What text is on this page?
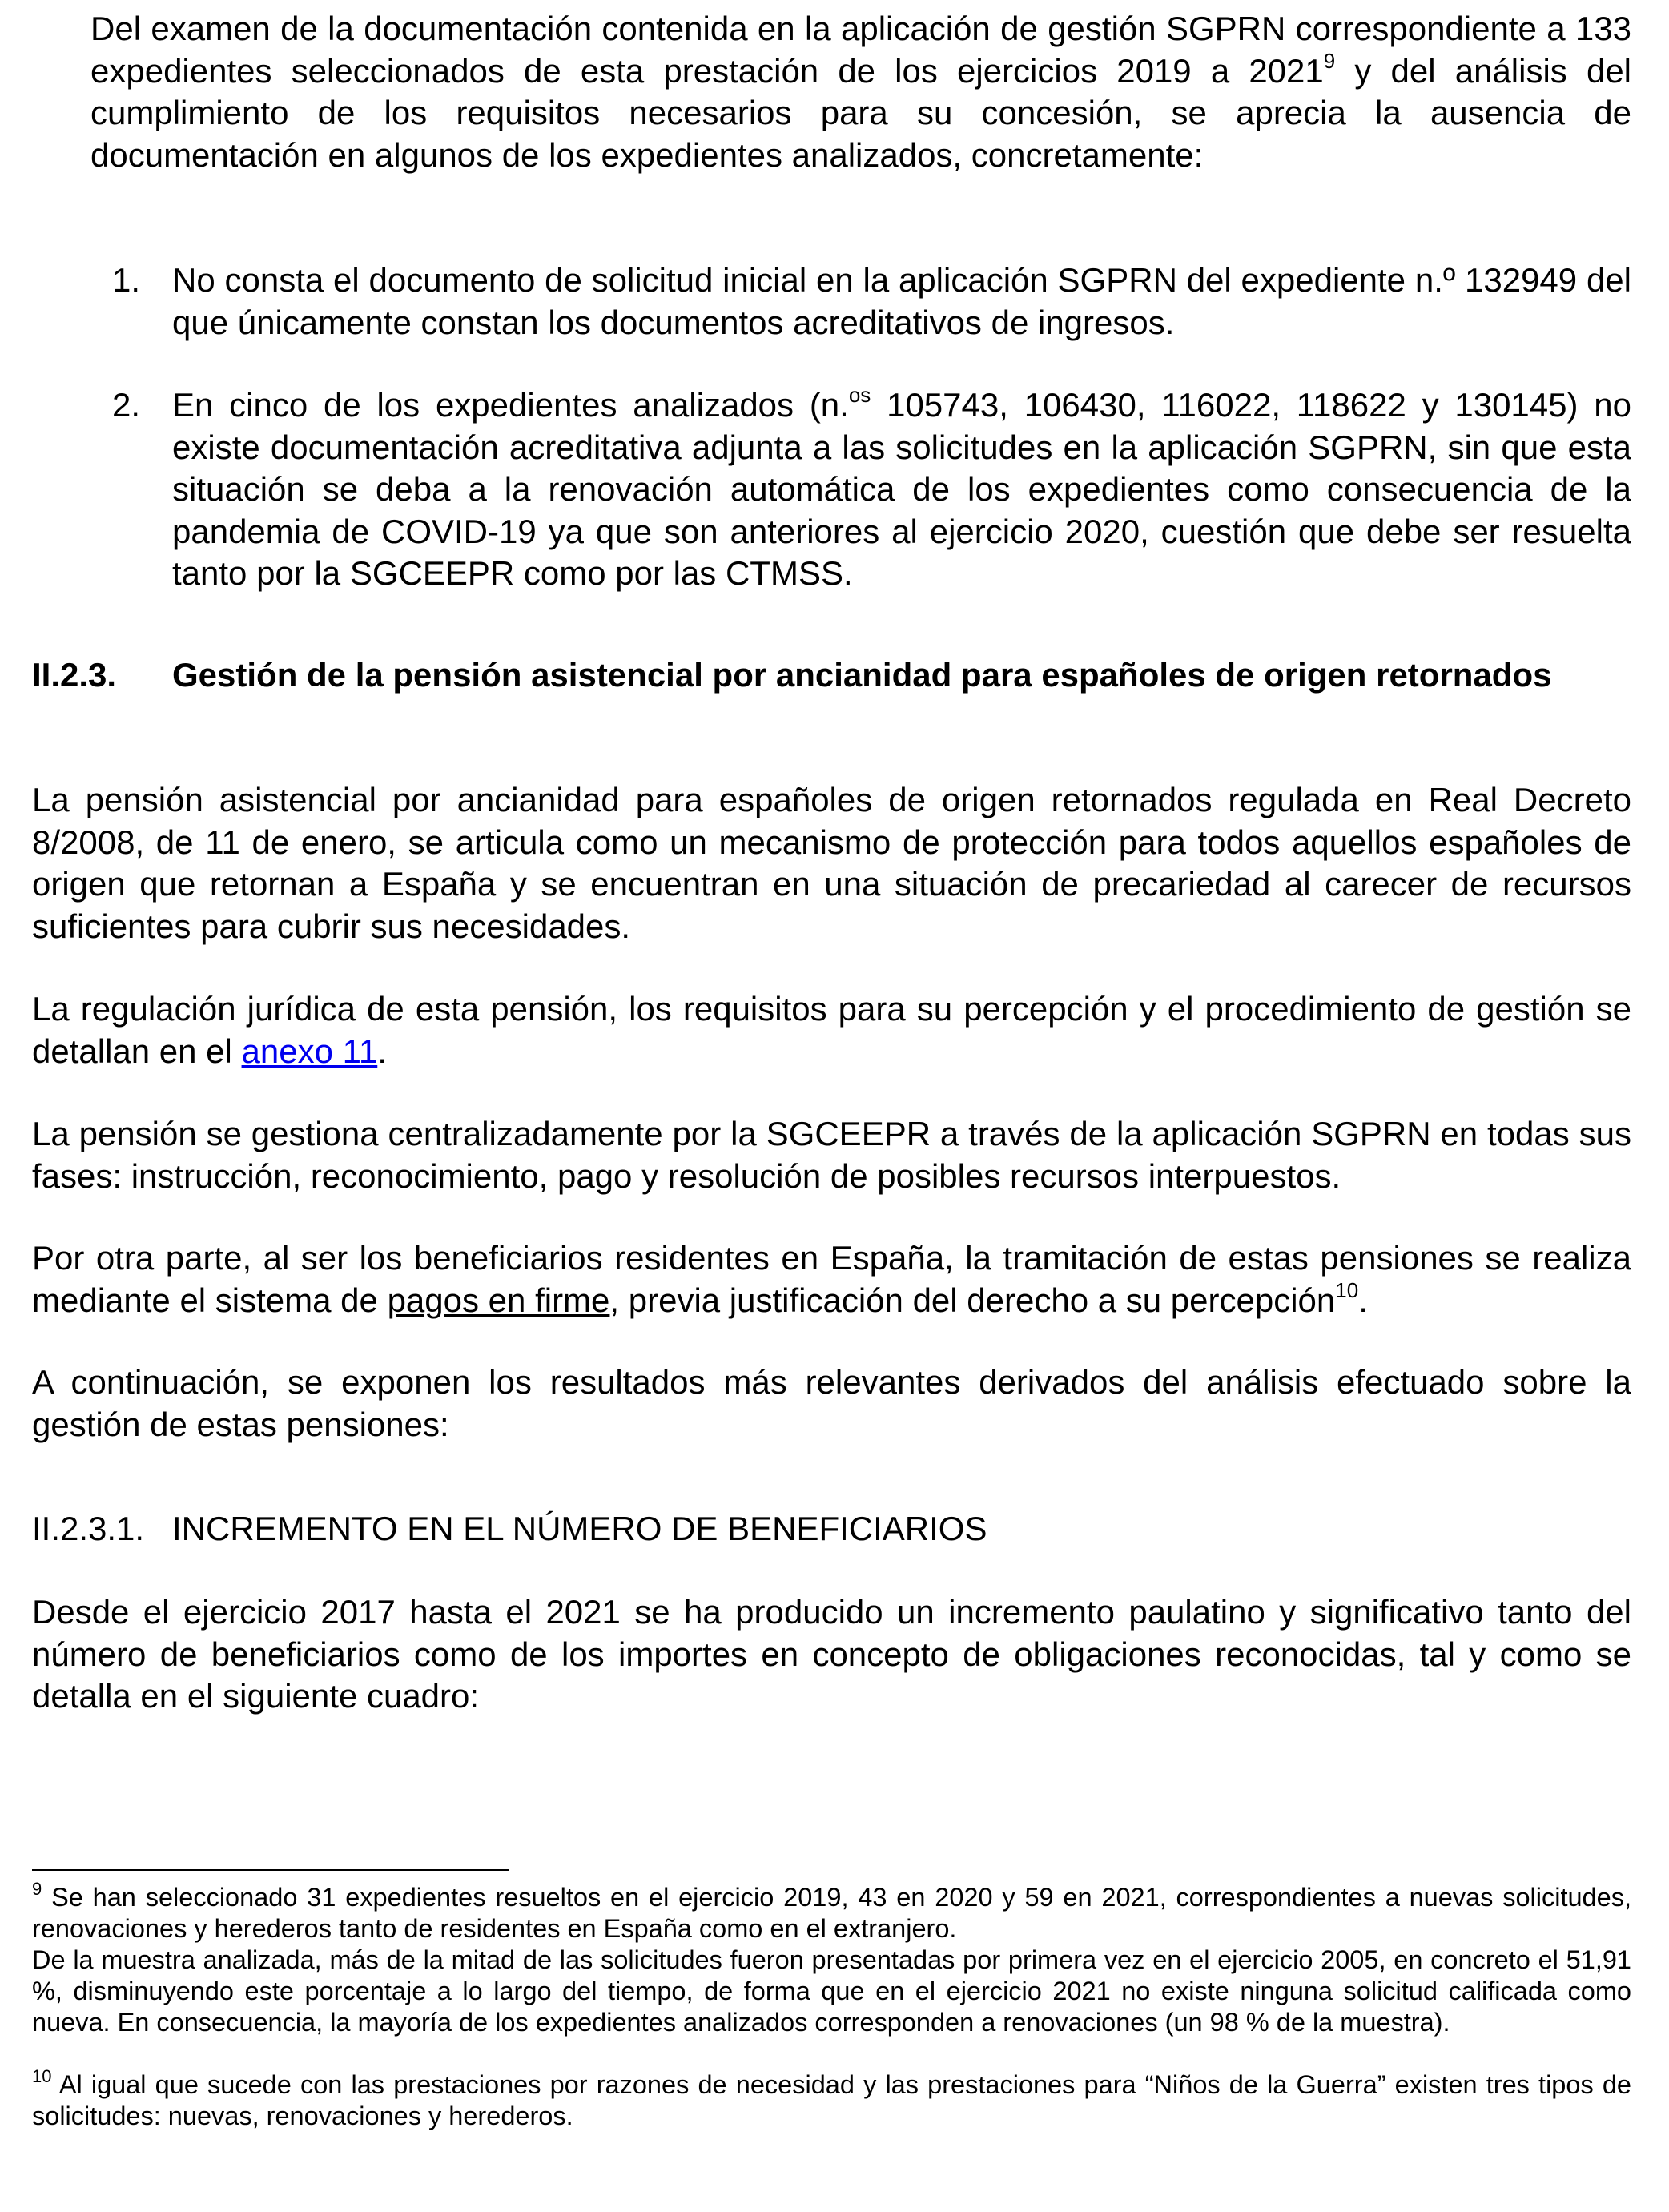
Del examen de la documentación contenida en la aplicación de gestión SGPRN correspondiente a 133 expedientes seleccionados de esta prestación de los ejercicios 2019 a 2021$^9$ y del análisis del cumplimiento de los requisitos necesarios para su concesión, se aprecia la ausencia de documentación en algunos de los expedientes analizados, concretamente:

1. No consta el documento de solicitud inicial en la aplicación SGPRN del expediente n.º 132949 del que únicamente constan los documentos acreditativos de ingresos.

2. En cinco de los expedientes analizados (n.$^{os}$ 105743, 106430, 116022, 118622 y 130145) no existe documentación acreditativa adjunta a las solicitudes en la aplicación SGPRN, sin que esta situación se deba a la renovación automática de los expedientes como consecuencia de la pandemia de COVID-19 ya que son anteriores al ejercicio 2020, cuestión que debe ser resuelta tanto por la SGCEEPR como por las CTMSS.

II.2.3. Gestión de la pensión asistencial por ancianidad para españoles de origen retornados

La pensión asistencial por ancianidad para españoles de origen retornados regulada en Real Decreto 8/2008, de 11 de enero, se articula como un mecanismo de protección para todos aquellos españoles de origen que retornan a España y se encuentran en una situación de precariedad al carecer de recursos suficientes para cubrir sus necesidades.

La regulación jurídica de esta pensión, los requisitos para su percepción y el procedimiento de gestión se detallan en el anexo 11.

La pensión se gestiona centralizadamente por la SGCEEPR a través de la aplicación SGPRN en todas sus fases: instrucción, reconocimiento, pago y resolución de posibles recursos interpuestos.

Por otra parte, al ser los beneficiarios residentes en España, la tramitación de estas pensiones se realiza mediante el sistema de pagos en firme, previa justificación del derecho a su percepción$^{10}$.

A continuación, se exponen los resultados más relevantes derivados del análisis efectuado sobre la gestión de estas pensiones:

II.2.3.1. INCREMENTO EN EL NÚMERO DE BENEFICIARIOS

Desde el ejercicio 2017 hasta el 2021 se ha producido un incremento paulatino y significativo tanto del número de beneficiarios como de los importes en concepto de obligaciones reconocidas, tal y como se detalla en el siguiente cuadro:

$^9$ Se han seleccionado 31 expedientes resueltos en el ejercicio 2019, 43 en 2020 y 59 en 2021, correspondientes a nuevas solicitudes, renovaciones y herederos tanto de residentes en España como en el extranjero.

De la muestra analizada, más de la mitad de las solicitudes fueron presentadas por primera vez en el ejercicio 2005, en concreto el 51,91 %, disminuyendo este porcentaje a lo largo del tiempo, de forma que en el ejercicio 2021 no existe ninguna solicitud calificada como nueva. En consecuencia, la mayoría de los expedientes analizados corresponden a renovaciones (un 98 % de la muestra).

$^{10}$ Al igual que sucede con las prestaciones por razones de necesidad y las prestaciones para “Niños de la Guerra” existen tres tipos de solicitudes: nuevas, renovaciones y herederos.
